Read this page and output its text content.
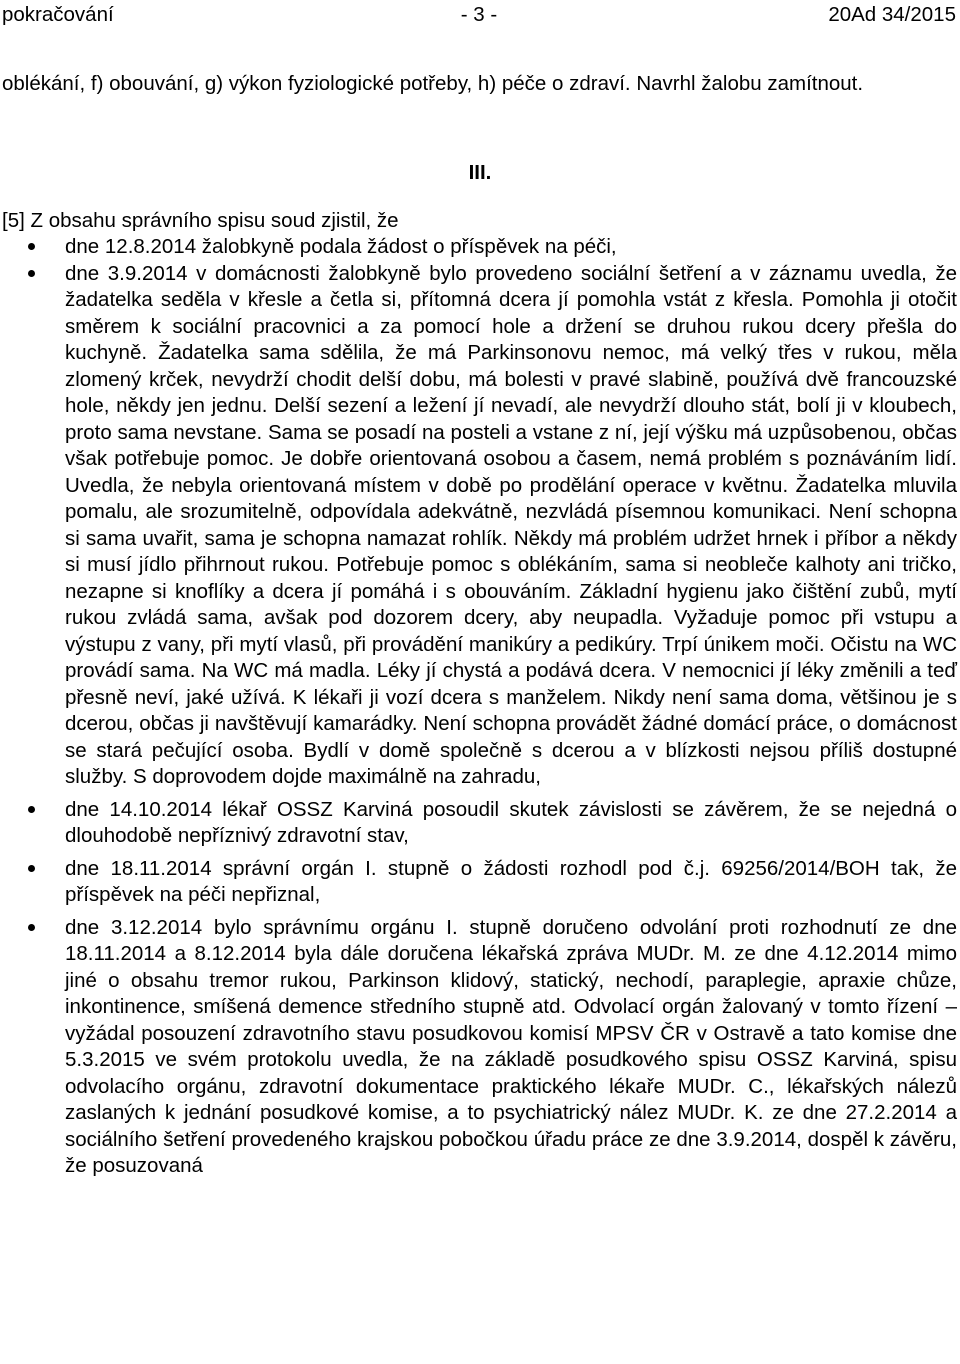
pokračování	- 3 -	20Ad 34/2015
oblékání, f) obouvání, g) výkon fyziologické potřeby, h) péče o zdraví. Navrhl žalobu zamítnout.
III.
[5] Z obsahu správního spisu soud zjistil, že
dne 12.8.2014 žalobkyně podala žádost o příspěvek na péči,
dne 3.9.2014 v domácnosti žalobkyně bylo provedeno sociální šetření a v záznamu uvedla, že žadatelka seděla v křesle a četla si, přítomná dcera jí pomohla vstát z křesla. Pomohla ji otočit směrem k sociální pracovnici a za pomocí hole a držení se druhou rukou dcery přešla do kuchyně. Žadatelka sama sdělila, že má Parkinsonovu nemoc, má velký třes v rukou, měla zlomený krček, nevydrží chodit delší dobu, má bolesti v pravé slabině, používá dvě francouzské hole, někdy jen jednu. Delší sezení a ležení jí nevadí, ale nevydrží dlouho stát, bolí ji v kloubech, proto sama nevstane. Sama se posadí na posteli a vstane z ní, její výšku má uzpůsobenou, občas však potřebuje pomoc. Je dobře orientovaná osobou a časem, nemá problém s poznáváním lidí. Uvedla, že nebyla orientovaná místem v době po prodělání operace v květnu. Žadatelka mluvila pomalu, ale srozumitelně, odpovídala adekvátně, nezvládá písemnou komunikaci. Není schopna si sama uvařit, sama je schopna namazat rohlík. Někdy má problém udržet hrnek i příbor a někdy si musí jídlo přihrnout rukou. Potřebuje pomoc s oblékáním, sama si neobleče kalhoty ani tričko, nezapne si knoflíky a dcera jí pomáhá i s obouváním. Základní hygienu jako čištění zubů, mytí rukou zvládá sama, avšak pod dozorem dcery, aby neupadla. Vyžaduje pomoc při vstupu a výstupu z vany, při mytí vlasů, při provádění manikúry a pedikúry. Trpí únikem moči. Očistu na WC provádí sama. Na WC má madla. Léky jí chystá a podává dcera. V nemocnici jí léky změnili a teď přesně neví, jaké užívá. K lékaři ji vozí dcera s manželem. Nikdy není sama doma, většinou je s dcerou, občas ji navštěvují kamarádky. Není schopna provádět žádné domácí práce, o domácnost se stará pečující osoba. Bydlí v domě společně s dcerou a v blízkosti nejsou příliš dostupné služby. S doprovodem dojde maximálně na zahradu,
dne 14.10.2014 lékař OSSZ Karviná posoudil skutek závislosti se závěrem, že se nejedná o dlouhodobě nepříznivý zdravotní stav,
dne 18.11.2014 správní orgán I. stupně o žádosti rozhodl pod č.j. 69256/2014/BOH tak, že příspěvek na péči nepřiznal,
dne 3.12.2014 bylo správnímu orgánu I. stupně doručeno odvolání proti rozhodnutí ze dne 18.11.2014 a 8.12.2014 byla dále doručena lékařská zpráva MUDr. M. ze dne 4.12.2014 mimo jiné o obsahu tremor rukou, Parkinson klidový, statický, nechodí, paraplegie, apraxie chůze, inkontinence, smíšená demence středního stupně atd. Odvolací orgán žalovaný v tomto řízení – vyžádal posouzení zdravotního stavu posudkovou komisí MPSV ČR v Ostravě a tato komise dne 5.3.2015 ve svém protokolu uvedla, že na základě posudkového spisu OSSZ Karviná, spisu odvolacího orgánu, zdravotní dokumentace praktického lékaře MUDr. C., lékařských nálezů zaslaných k jednání posudkové komise, a to psychiatrický nález MUDr. K. ze dne 27.2.2014 a sociálního šetření provedeného krajskou pobočkou úřadu práce ze dne 3.9.2014, dospěl k závěru, že posuzovaná
